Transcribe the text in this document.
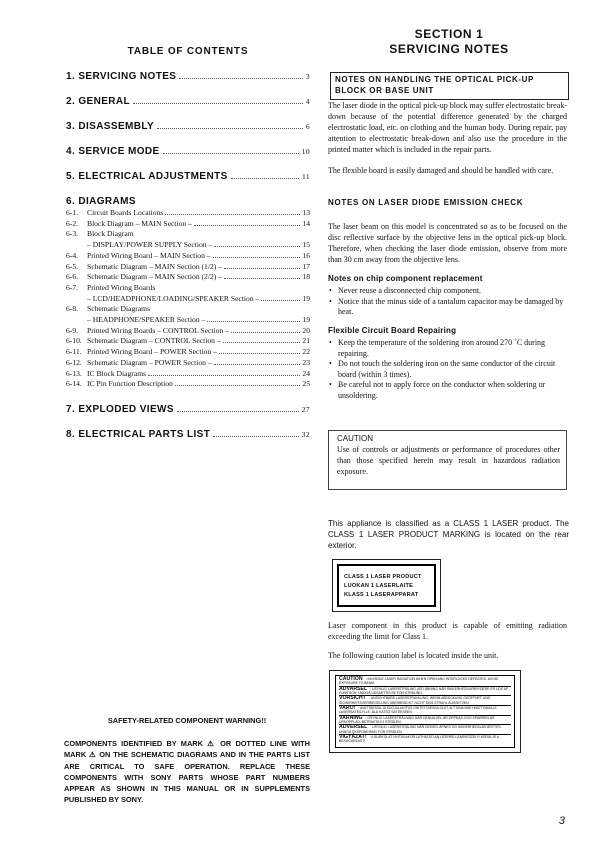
TABLE OF CONTENTS
1. SERVICING NOTES	3
2. GENERAL	4
3. DISASSEMBLY	6
4. SERVICE MODE	10
5. ELECTRICAL ADJUSTMENTS	11
6. DIAGRAMS
6-1.	Circuit Boards Locations	13
6-2.	Block Diagram – MAIN Section –	14
6-3.	Block Diagram
– DISPLAY/POWER SUPPLY Section –	15
6-4.	Printed Wiring Board – MAIN Section –	16
6-5.	Schematic Diagram – MAIN Section (1/2) –	17
6-6.	Schematic Diagram – MAIN Section (2/2) –	18
6-7.	Printed Wiring Boards
– LCD/HEADPHONE/LOADING/SPEAKER Section –	19
6-8.	Schematic Diagrams
– HEADPHONE/SPEAKER Section –	19
6-9.	Printed Wiring Boards – CONTROL Section –	20
6-10. Schematic Diagram – CONTROL Section –	21
6-11. Printed Wiring Board – POWER Section –	22
6-12. Schematic Diagram – POWER Section –	23
6-13. IC Block Diagrams	24
6-14. IC Pin Function Description	25
7. EXPLODED VIEWS	27
8. ELECTRICAL PARTS LIST	32
SAFETY-RELATED COMPONENT WARNING!!
COMPONENTS IDENTIFIED BY MARK ⚠ OR DOTTED LINE WITH MARK ⚠ ON THE SCHEMATIC DIAGRAMS AND IN THE PARTS LIST ARE CRITICAL TO SAFE OPERATION. REPLACE THESE COMPONENTS WITH SONY PARTS WHOSE PART NUMBERS APPEAR AS SHOWN IN THIS MANUAL OR IN SUPPLEMENTS PUBLISHED BY SONY.
SECTION 1
SERVICING NOTES
NOTES ON HANDLING THE OPTICAL PICK-UP BLOCK OR BASE UNIT
The laser diode in the optical pick-up block may suffer electrostatic break-down because of the potential difference generated by the charged electrostatic load, etc. on clothing and the human body. During repair, pay attention to electrostatic break-down and also use the procedure in the printed matter which is included in the repair parts.
The flexible board is easily damaged and should be handled with care.
NOTES ON LASER DIODE EMISSION CHECK
The laser beam on this model is concentrated so as to be focused on the disc reflective surface by the objective lens in the optical pick-up block. Therefore, when checking the laser diode emission, observe from more than 30 cm away from the objective lens.
Notes on chip component replacement
• Never reuse a disconnected chip component.
• Notice that the minus side of a tantalum capacitor may be damaged by heat.
Flexible Circuit Board Repairing
• Keep the temperature of the soldering iron around 270 ˚C during repairing.
• Do not touch the soldering iron on the same conductor of the circuit board (within 3 times).
• Be careful not to apply force on the conductor when soldering or unsoldering.
CAUTION
Use of controls or adjustments or performance of procedures other than those specified herein may result in hazardous radiation exposure.
This appliance is classified as a CLASS 1 LASER product. The CLASS 1 LASER PRODUCT MARKING is located on the rear exterior.
CLASS 1 LASER PRODUCT
LUOKAN 1 LASERLAITE
KLASS 1 LASERAPPARAT
Laser component in this product is capable of emitting radiation exceeding the limit for Class 1.
The following caution label is located inside the unit.
CAUTION : INVISIBLE LASER RADIATION WHEN OPEN AND INTERLOCKS DEFEATED. AVOID EXPOSURE TO BEAM.
ADVARSEL : USYNLIG LASERSTRÅLING VED ÅBNING NÅR SIKKERHEDSAFBRYDERE ER UDE AF FUNKTION. UNDGÅ UDSAETTELSE FOR STRÅLING.
VORSICHT : UNSICHTBARE LASERSTRAHLUNG, WENN ABDECKUNG GEÖFFNET UND SICHERHEITSVERRIEGELUNG ÜBERBRÜCKT. NICHT DEM STRAHL AUSSETZEN.
VARO! : AVATTAESSA JA SUOJALUKITUS OHITETTAESSA OLET ALTTIINA NÄKYMÄTTÖMÄLLE LASERSÄTEILYLLE. ÄLÄ KATSO SÄTEESEEN.
VARNING : OSYNLIG LASERSTRÅLNING NÄR DENNA DEL ÄR ÖPPNAD OCH SPÄRREN ÄR URKOPPLAD. BETRAKTA EJ STRÅLEN.
ADVERSEL : USYNLIG LASERSTRÅLING NÅR DEKSEL ÅPNES OG SIKKERHEDSLÅS BRYTES. UNNGÅ EKSPONERING FOR STRÅLEN.
VIGYÁZAT! : A BURKOLAT NYITÁSAKOR LÁTHATATLAN LÉZERSU GÁRVESZÉLY! KERÜLJE A BESUGÁRZÁST!
3
